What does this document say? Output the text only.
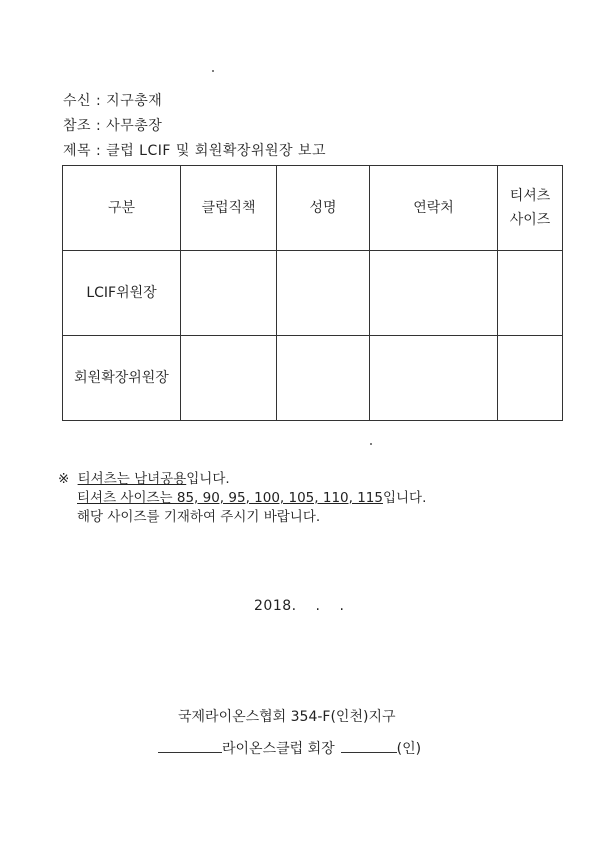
수신 : 지구총재
참조 : 사무총장
제목 : 클럽 LCIF 및 회원확장위원장 보고
구분	클럽직책	성명	연락처	티셔츠
사이즈
LCIF위원장				
회원확장위원장				
※ 티셔츠는 남녀공용입니다.
티셔츠 사이즈는 85, 90, 95, 100, 105, 110, 115입니다.
해당 사이즈를 기재하여 주시기 바랍니다.
2018. . .
국제라이온스협회 354-F(인천)지구
라이온스클럽 회장	(인)
